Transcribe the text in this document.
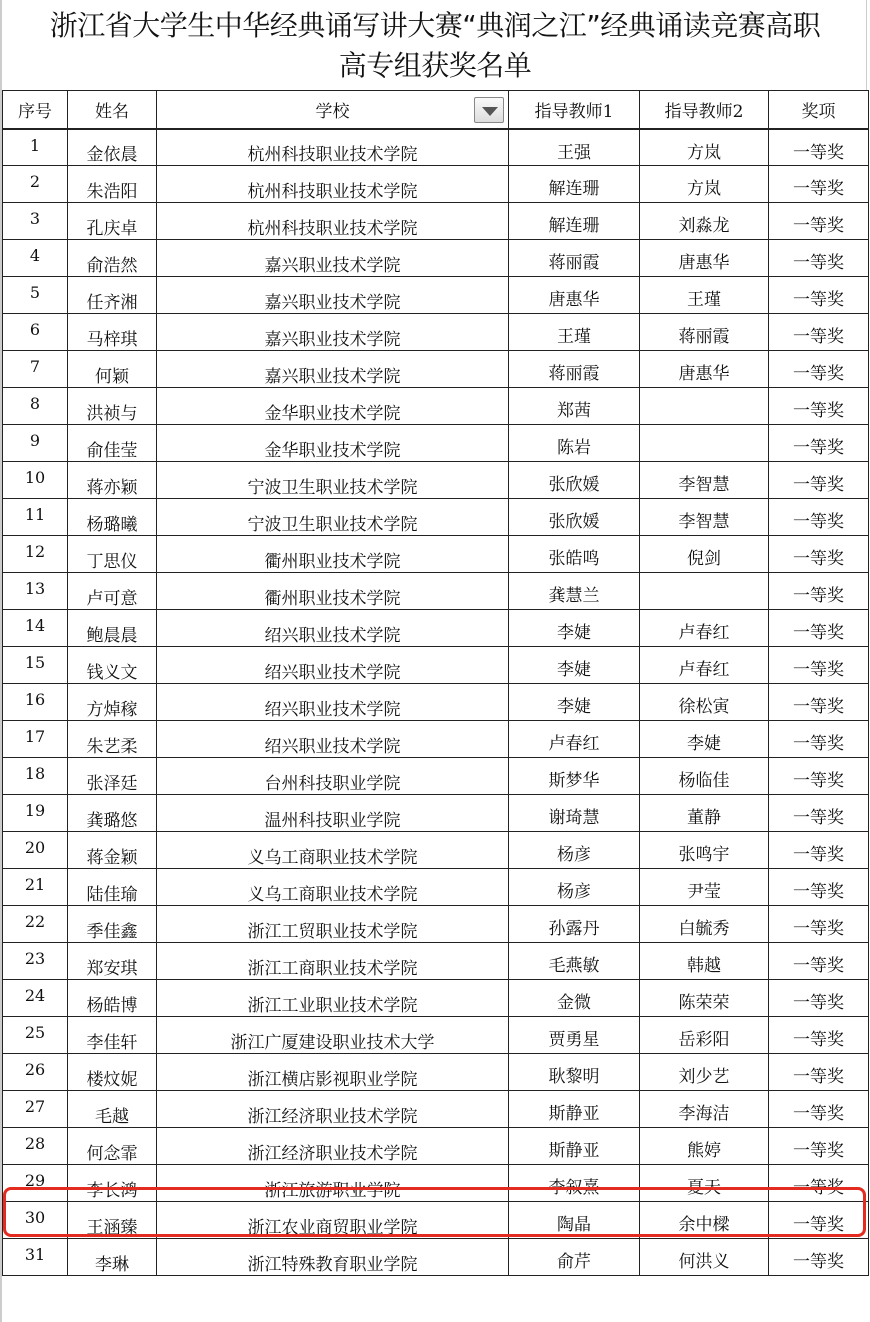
浙江省大学生中华经典诵写讲大赛“典润之江”经典诵读竞赛高职
高专组获奖名单
序号	姓名	学校	指导教师1	指导教师2	奖项
1	金依晨	杭州科技职业技术学院	王强	方岚	一等奖
2	朱浩阳	杭州科技职业技术学院	解连珊	方岚	一等奖
3	孔庆卓	杭州科技职业技术学院	解连珊	刘淼龙	一等奖
4	俞浩然	嘉兴职业技术学院	蒋丽霞	唐惠华	一等奖
5	任齐湘	嘉兴职业技术学院	唐惠华	王瑾	一等奖
6	马梓琪	嘉兴职业技术学院	王瑾	蒋丽霞	一等奖
7	何颖	嘉兴职业技术学院	蒋丽霞	唐惠华	一等奖
8	洪祯与	金华职业技术学院	郑茜		一等奖
9	俞佳莹	金华职业技术学院	陈岩		一等奖
10	蒋亦颖	宁波卫生职业技术学院	张欣媛	李智慧	一等奖
11	杨璐曦	宁波卫生职业技术学院	张欣媛	李智慧	一等奖
12	丁思仪	衢州职业技术学院	张皓鸣	倪剑	一等奖
13	卢可意	衢州职业技术学院	龚慧兰		一等奖
14	鲍晨晨	绍兴职业技术学院	李婕	卢春红	一等奖
15	钱义文	绍兴职业技术学院	李婕	卢春红	一等奖
16	方焯稼	绍兴职业技术学院	李婕	徐松寅	一等奖
17	朱艺柔	绍兴职业技术学院	卢春红	李婕	一等奖
18	张泽廷	台州科技职业学院	斯梦华	杨临佳	一等奖
19	龚璐悠	温州科技职业学院	谢琦慧	董静	一等奖
20	蒋金颖	义乌工商职业技术学院	杨彦	张鸣宇	一等奖
21	陆佳瑜	义乌工商职业技术学院	杨彦	尹莹	一等奖
22	季佳鑫	浙江工贸职业技术学院	孙露丹	白毓秀	一等奖
23	郑安琪	浙江工商职业技术学院	毛燕敏	韩越	一等奖
24	杨皓博	浙江工业职业技术学院	金微	陈荣荣	一等奖
25	李佳轩	浙江广厦建设职业技术大学	贾勇星	岳彩阳	一等奖
26	楼炆妮	浙江横店影视职业学院	耿黎明	刘少艺	一等奖
27	毛越	浙江经济职业技术学院	斯静亚	李海洁	一等奖
28	何念霏	浙江经济职业技术学院	斯静亚	熊婷	一等奖
29	李长鸿	浙江旅游职业学院	李叙熹	夏天	一等奖
30	王涵臻	浙江农业商贸职业学院	陶晶	余中樑	一等奖
31	李琳	浙江特殊教育职业学院	俞芹	何洪义	一等奖
